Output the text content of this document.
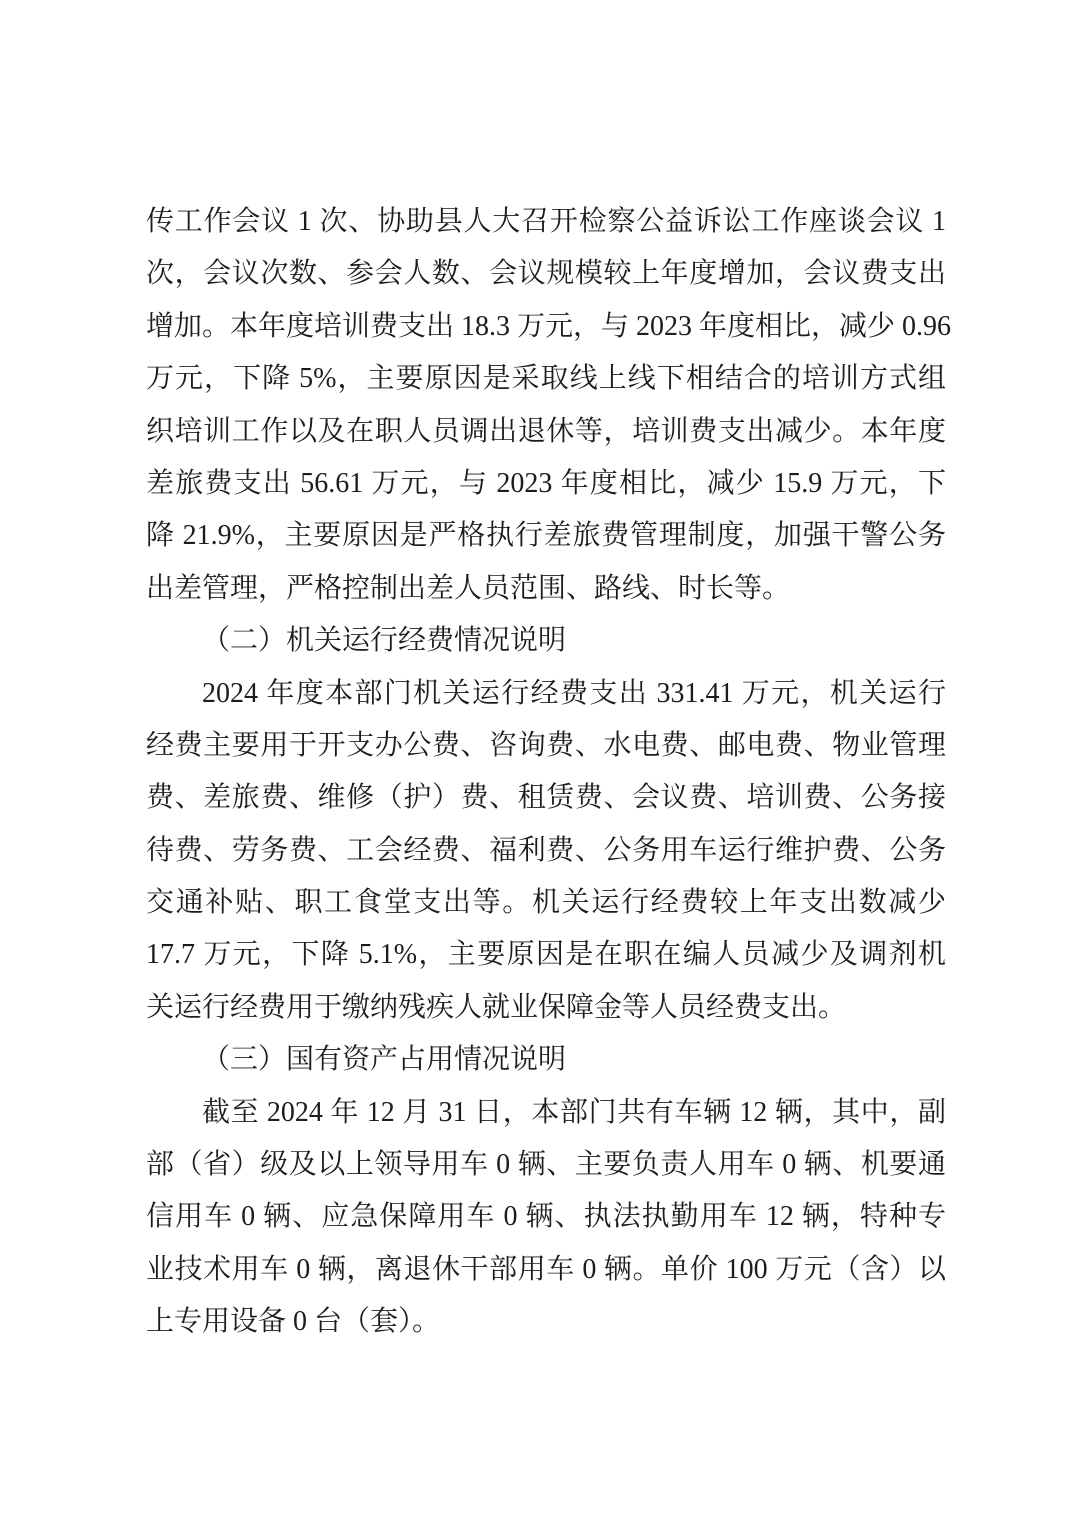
传工作会议 1 次、协助县人大召开检察公益诉讼工作座谈会议 1
次，会议次数、参会人数、会议规模较上年度增加，会议费支出
增加。本年度培训费支出 18.3 万元，与 2023 年度相比，减少 0.96
万元，下降 5%，主要原因是采取线上线下相结合的培训方式组
织培训工作以及在职人员调出退休等，培训费支出减少。本年度
差旅费支出 56.61 万元，与 2023 年度相比，减少 15.9 万元，下
降 21.9%，主要原因是严格执行差旅费管理制度，加强干警公务
出差管理，严格控制出差人员范围、路线、时长等。
（二）机关运行经费情况说明
2024 年度本部门机关运行经费支出 331.41 万元，机关运行
经费主要用于开支办公费、咨询费、水电费、邮电费、物业管理
费、差旅费、维修（护）费、租赁费、会议费、培训费、公务接
待费、劳务费、工会经费、福利费、公务用车运行维护费、公务
交通补贴、职工食堂支出等。机关运行经费较上年支出数减少
17.7 万元，下降 5.1%，主要原因是在职在编人员减少及调剂机
关运行经费用于缴纳残疾人就业保障金等人员经费支出。
（三）国有资产占用情况说明
截至 2024 年 12 月 31 日，本部门共有车辆 12 辆，其中，副
部（省）级及以上领导用车 0 辆、主要负责人用车 0 辆、机要通
信用车 0 辆、应急保障用车 0 辆、执法执勤用车 12 辆，特种专
业技术用车 0 辆，离退休干部用车 0 辆。单价 100 万元（含）以
上专用设备 0 台（套）。
